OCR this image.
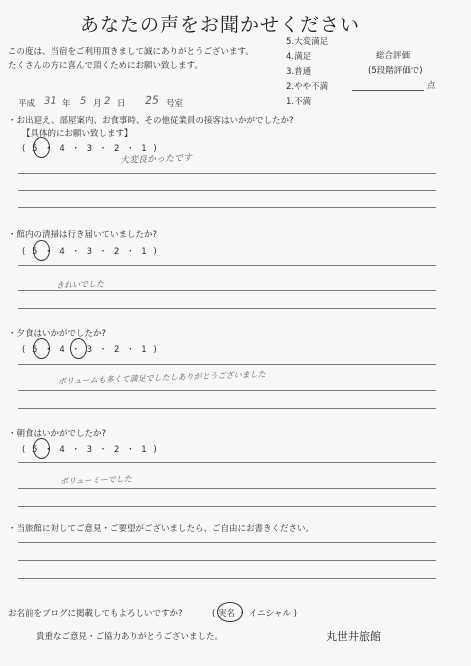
あなたの声をお聞かせください
この度は、当宿をご利用頂きまして誠にありがとうございます。
たくさんの方に喜んで頂くためにお願い致します。
5.大変満足
4.満足
3.普通
2.やや不満
1.不満
総合評価
(5段階評価で)
点
平成 31 年 5 月 2 日 25 号室
・お出迎え、部屋案内、お食事時、その他従業員の接客はいかがでしたか?
【具体的にお願い致します】
( 5 ・ 4 ・ 3 ・ 2 ・ 1 )
大変良かったです
・館内の清掃は行き届いていましたか?
( 5 ・ 4 ・ 3 ・ 2 ・ 1 )
きれいでした
・夕食はいかがでしたか?
( 5 ・ 4 ・ 3 ・ 2 ・ 1 )
ボリュームも多くて満足でしたしありがとうございました
・朝食はいかがでしたか?
( 5 ・ 4 ・ 3 ・ 2 ・ 1 )
ボリューミーでした
・当旅館に対してご意見・ご要望がございましたら、ご自由にお書きください。
お名前をブログに掲載してもよろしいですか?	( 実名 ・ イニシャル )
貴重なご意見・ご協力ありがとうございました。	丸世井旅館
